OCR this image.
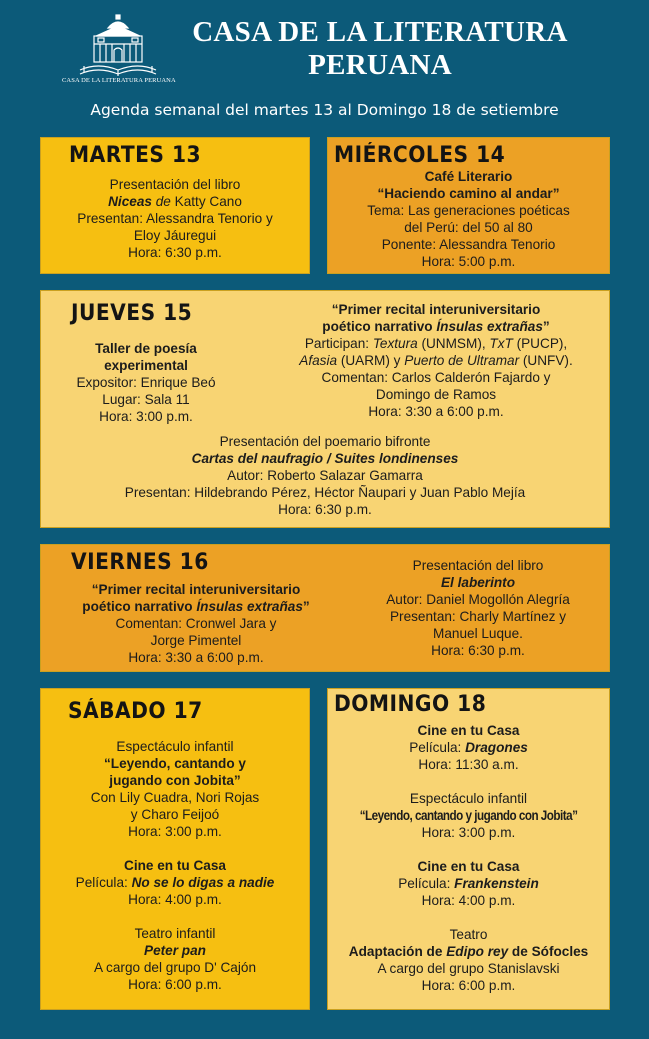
CASA DE LA LITERATURA PERUANA
CASA DE LA LITERATURA
PERUANA
Agenda semanal del martes 13 al Domingo 18 de setiembre
MARTES 13
Presentación del libro
Niceas de Katty Cano
Presentan: Alessandra Tenorio y
Eloy Jáuregui
Hora: 6:30 p.m.
MIÉRCOLES 14
Café Literario
“Haciendo camino al andar”
Tema: Las generaciones poéticas
del Perú: del 50 al 80
Ponente: Alessandra Tenorio
Hora: 5:00 p.m.
JUEVES 15
Taller de poesía
experimental
Expositor: Enrique Beó
Lugar: Sala 11
Hora: 3:00 p.m.
“Primer recital interuniversitario
poético narrativo Ínsulas extrañas”
Participan: Textura (UNMSM), TxT (PUCP),
Afasia (UARM) y Puerto de Ultramar (UNFV).
Comentan: Carlos Calderón Fajardo y
Domingo de Ramos
Hora: 3:30 a 6:00 p.m.
Presentación del poemario bifronte
Cartas del naufragio / Suites londinenses
Autor: Roberto Salazar Gamarra
Presentan: Hildebrando Pérez, Héctor Ñaupari y Juan Pablo Mejía
Hora: 6:30 p.m.
VIERNES 16
“Primer recital interuniversitario
poético narrativo Ínsulas extrañas”
Comentan: Cronwel Jara y
Jorge Pimentel
Hora: 3:30 a 6:00 p.m.
Presentación del libro
El laberinto
Autor: Daniel Mogollón Alegría
Presentan: Charly Martínez y
Manuel Luque.
Hora: 6:30 p.m.
SÁBADO 17
Espectáculo infantil
“Leyendo, cantando y
jugando con Jobita”
Con Lily Cuadra, Nori Rojas
y Charo Feijoó
Hora: 3:00 p.m.
Cine en tu Casa
Película: No se lo digas a nadie
Hora: 4:00 p.m.
Teatro infantil
Peter pan
A cargo del grupo D' Cajón
Hora: 6:00 p.m.
DOMINGO 18
Cine en tu Casa
Película: Dragones
Hora: 11:30 a.m.
Espectáculo infantil
“Leyendo, cantando y jugando con Jobita”
Hora: 3:00 p.m.
Cine en tu Casa
Película: Frankenstein
Hora: 4:00 p.m.
Teatro
Adaptación de Edipo rey de Sófocles
A cargo del grupo Stanislavski
Hora: 6:00 p.m.
